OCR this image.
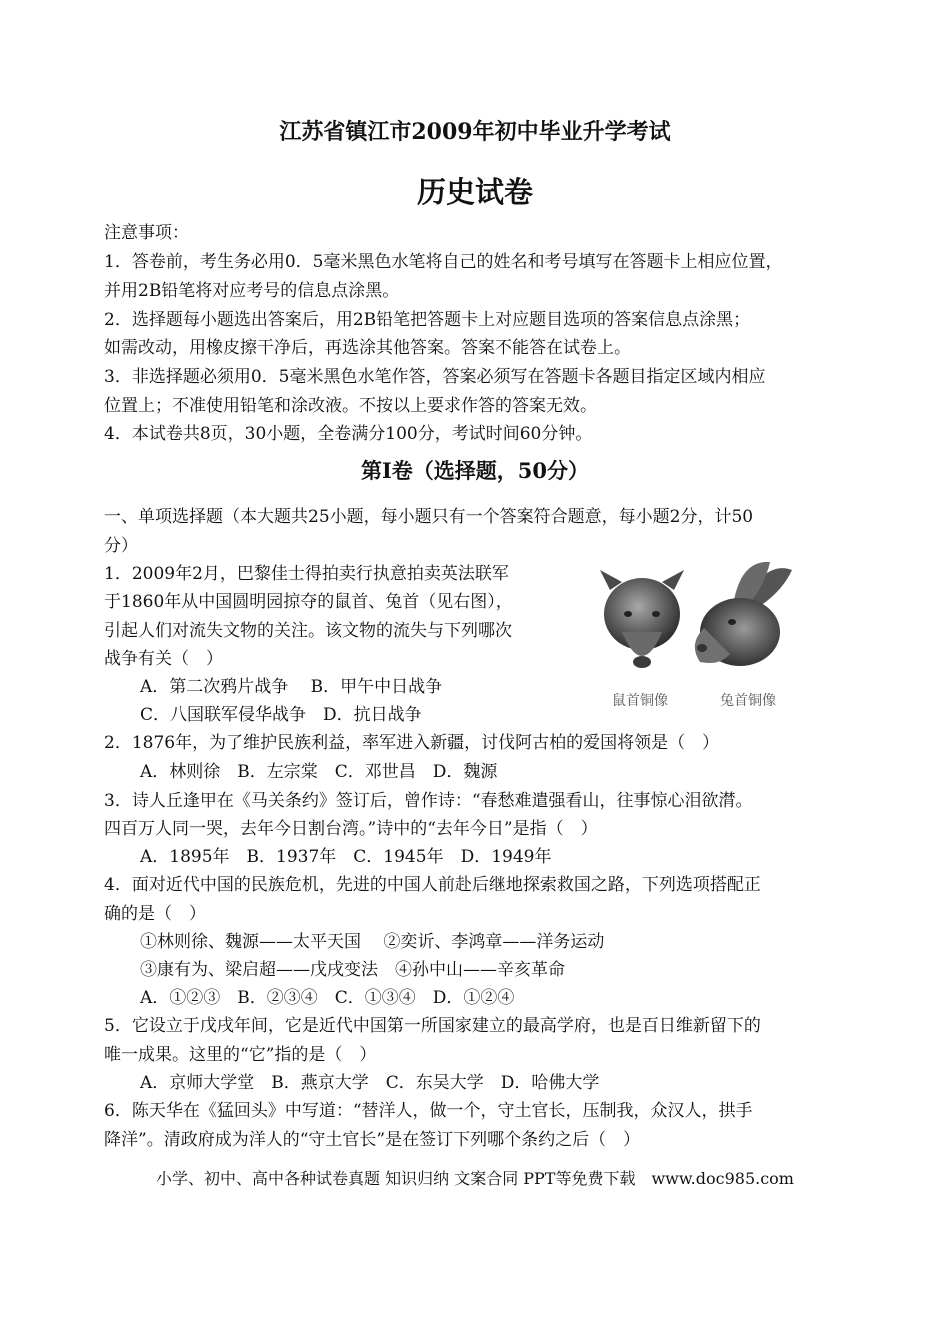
江苏省镇江市2009年初中毕业升学考试
历史试卷
注意事项：
1．答卷前，考生务必用0．5毫米黑色水笔将自己的姓名和考号填写在答题卡上相应位置，
并用2B铅笔将对应考号的信息点涂黑。
2．选择题每小题选出答案后，用2B铅笔把答题卡上对应题目选项的答案信息点涂黑；
如需改动，用橡皮擦干净后，再选涂其他答案。答案不能答在试卷上。
3．非选择题必须用0．5毫米黑色水笔作答，答案必须写在答题卡各题目指定区域内相应
位置上；不准使用铅笔和涂改液。不按以上要求作答的答案无效。
4．本试卷共8页，30小题，全卷满分100分，考试时间60分钟。
第Ⅰ卷（选择题，50分）
一、单项选择题（本大题共25小题，每小题只有一个答案符合题意，每小题2分，计50
分）
1．2009年2月，巴黎佳士得拍卖行执意拍卖英法联军
于1860年从中国圆明园掠夺的鼠首、兔首（见右图），
引起人们对流失文物的关注。该文物的流失与下列哪次
战争有关（　）
A．第二次鸦片战争　 B．甲午中日战争
C．八国联军侵华战争　D．抗日战争
鼠首铜像	兔首铜像
2．1876年，为了维护民族利益，率军进入新疆，讨伐阿古柏的爱国将领是（　）
A．林则徐　B．左宗棠　C．邓世昌　D．魏源
3．诗人丘逢甲在《马关条约》签订后，曾作诗：“春愁难遣强看山，往事惊心泪欲潸。
四百万人同一哭，去年今日割台湾。”诗中的“去年今日”是指（　）
A．1895年　B．1937年　C．1945年　D．1949年
4．面对近代中国的民族危机，先进的中国人前赴后继地探索救国之路，下列选项搭配正
确的是（　）
①林则徐、魏源——太平天国　 ②奕䜣、李鸿章——洋务运动
③康有为、梁启超——戊戌变法　④孙中山——辛亥革命
A．①②③　B．②③④　C．①③④　D．①②④
5．它设立于戊戌年间，它是近代中国第一所国家建立的最高学府，也是百日维新留下的
唯一成果。这里的“它”指的是（　）
A．京师大学堂　B．燕京大学　C．东吴大学　D．哈佛大学
6．陈天华在《猛回头》中写道：“替洋人，做一个，守土官长，压制我，众汉人，拱手
降洋”。清政府成为洋人的“守土官长”是在签订下列哪个条约之后（　）
小学、初中、高中各种试卷真题 知识归纳 文案合同 PPT等免费下载　www.doc985.com
